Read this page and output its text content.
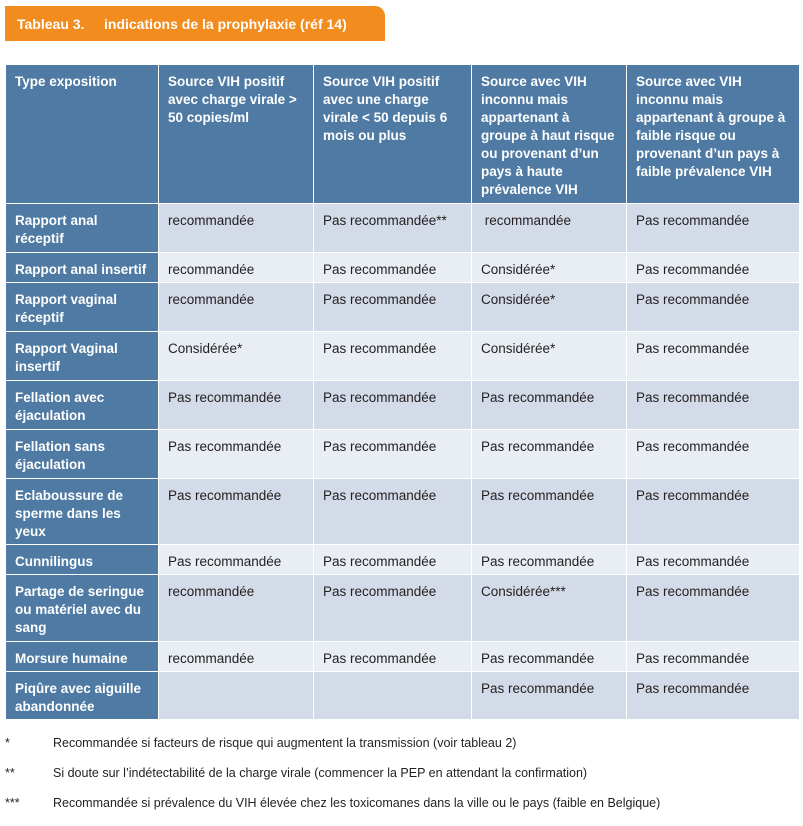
Tableau 3. indications de la prophylaxie (réf 14)
Type exposition	Source VIH positif avec charge virale > 50 copies/ml	Source VIH positif avec une charge virale < 50 depuis 6 mois ou plus	Source avec VIH inconnu mais appartenant à groupe à haut risque ou provenant d’un pays à haute prévalence VIH	Source avec VIH inconnu mais appartenant à groupe à faible risque ou provenant d’un pays à faible prévalence VIH
Rapport anal réceptif	recommandée	Pas recommandée**	recommandée	Pas recommandée
Rapport anal insertif	recommandée	Pas recommandée	Considérée*	Pas recommandée
Rapport vaginal réceptif	recommandée	Pas recommandée	Considérée*	Pas recommandée
Rapport Vaginal insertif	Considérée*	Pas recommandée	Considérée*	Pas recommandée
Fellation avec éjaculation	Pas recommandée	Pas recommandée	Pas recommandée	Pas recommandée
Fellation sans éjaculation	Pas recommandée	Pas recommandée	Pas recommandée	Pas recommandée
Eclaboussure de sperme dans les yeux	Pas recommandée	Pas recommandée	Pas recommandée	Pas recommandée
Cunnilingus	Pas recommandée	Pas recommandée	Pas recommandée	Pas recommandée
Partage de seringue ou matériel avec du sang	recommandée	Pas recommandée	Considérée***	Pas recommandée
Morsure humaine	recommandée	Pas recommandée	Pas recommandée	Pas recommandée
Piqûre avec aiguille abandonnée			Pas recommandée	Pas recommandée
*	Recommandée si facteurs de risque qui augmentent la transmission (voir tableau 2)
**	Si doute sur l’indétectabilité de la charge virale (commencer la PEP en attendant la confirmation)
***	Recommandée si prévalence du VIH élevée chez les toxicomanes dans la ville ou le pays (faible en Belgique)
